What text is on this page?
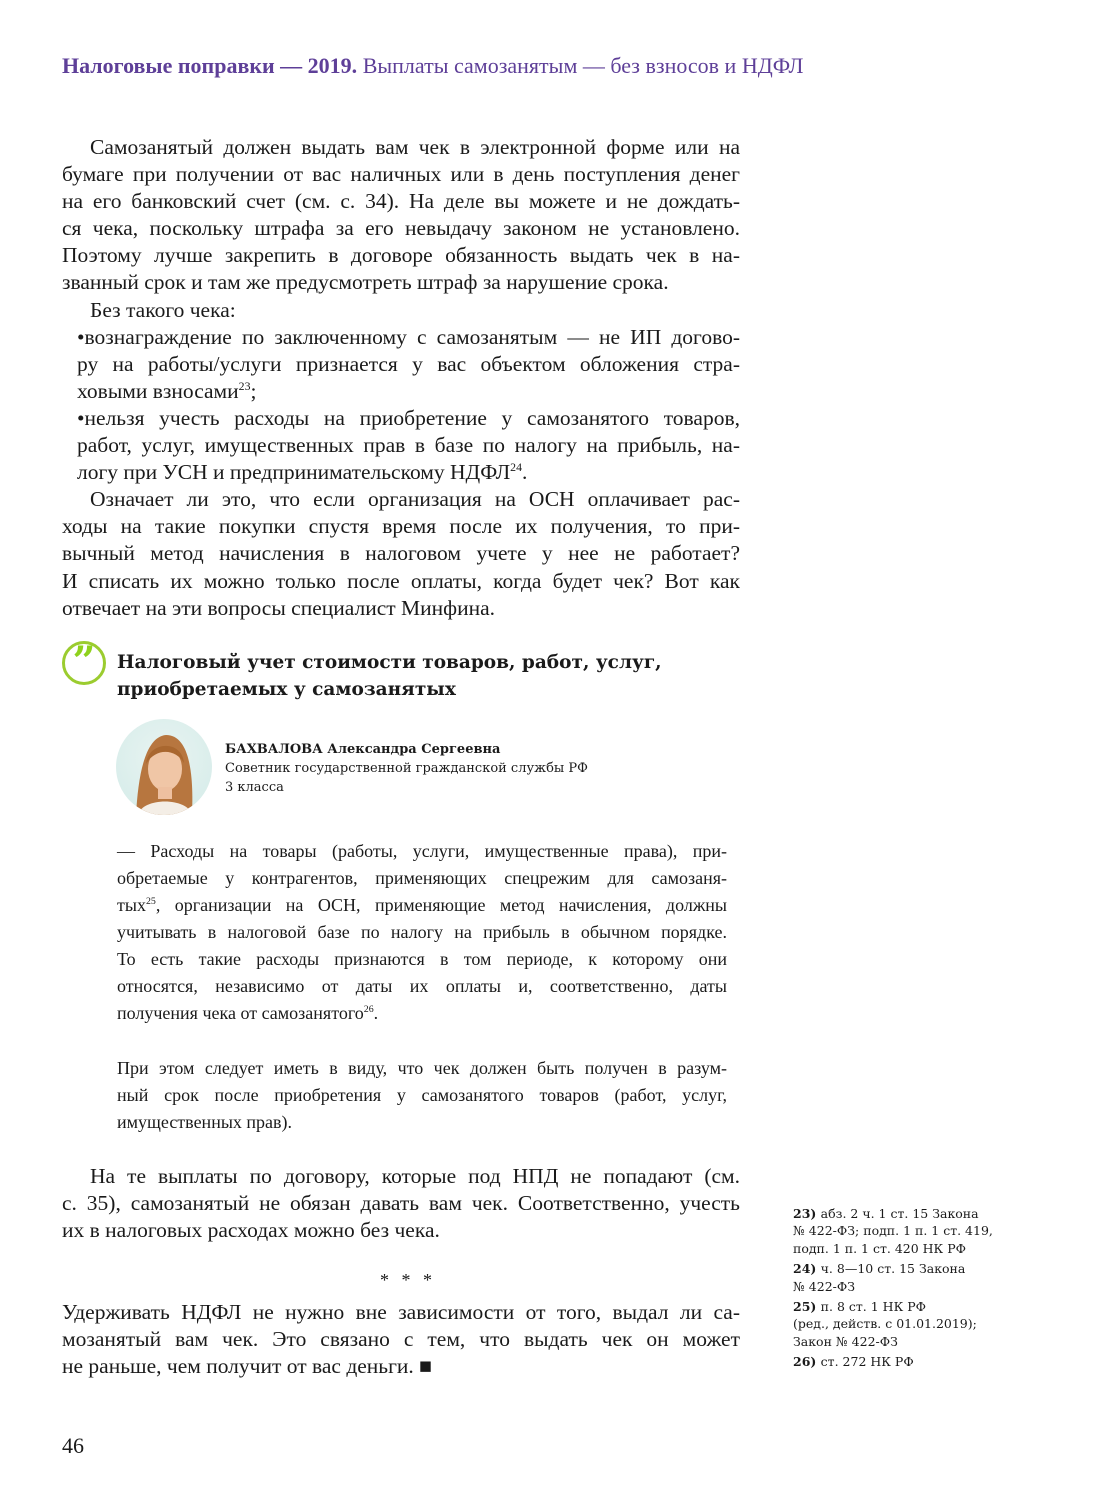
Налоговые поправки — 2019. Выплаты самозанятым — без взносов и НДФЛ
Самозанятый должен выдать вам чек в электронной форме или на
бумаге при получении от вас наличных или в день поступления денег
на его банковский счет (см. с. 34). На деле вы можете и не дождать-
ся чека, поскольку штрафа за его невыдачу законом не установлено.
Поэтому лучше закрепить в договоре обязанность выдать чек в на-
званный срок и там же предусмотреть штраф за нарушение срока.
Без такого чека:
•вознаграждение по заключенному с самозанятым — не ИП догово-
ру на работы/услуги признается у вас объектом обложения стра-
ховыми взносами$^{23}$;
•нельзя учесть расходы на приобретение у самозанятого товаров,
работ, услуг, имущественных прав в базе по налогу на прибыль, на-
логу при УСН и предпринимательскому НДФЛ$^{24}$.
Означает ли это, что если организация на ОСН оплачивает рас-
ходы на такие покупки спустя время после их получения, то при-
вычный метод начисления в налоговом учете у нее не работает?
И списать их можно только после оплаты, когда будет чек? Вот как
отвечает на эти вопросы специалист Минфина.
”	Налоговый учет стоимости товаров, работ, услуг,
приобретаемых у самозанятых
БАХВАЛОВА Александра Сергеевна
Советник государственной гражданской службы РФ
3 класса
— Расходы на товары (работы, услуги, имущественные права), при-
обретаемые у контрагентов, применяющих спецрежим для самозаня-
тых$^{25}$, организации на ОСН, применяющие метод начисления, должны
учитывать в налоговой базе по налогу на прибыль в обычном порядке.
То есть такие расходы признаются в том периоде, к которому они
относятся, независимо от даты их оплаты и, соответственно, даты
получения чека от самозанятого$^{26}$.
При этом следует иметь в виду, что чек должен быть получен в разум-
ный срок после приобретения у самозанятого товаров (работ, услуг,
имущественных прав).
На те выплаты по договору, которые под НПД не попадают (см.
с. 35), самозанятый не обязан давать вам чек. Соответственно, учесть
их в налоговых расходах можно без чека.
* * *
Удерживать НДФЛ не нужно вне зависимости от того, выдал ли са-
мозанятый вам чек. Это связано с тем, что выдать чек он может
не раньше, чем получит от вас деньги. ■
23) абз. 2 ч. 1 ст. 15 Закона
№ 422-ФЗ; подп. 1 п. 1 ст. 419,
подп. 1 п. 1 ст. 420 НК РФ
24) ч. 8—10 ст. 15 Закона
№ 422-ФЗ
25) п. 8 ст. 1 НК РФ
(ред., действ. с 01.01.2019);
Закон № 422-ФЗ
26) ст. 272 НК РФ
46
